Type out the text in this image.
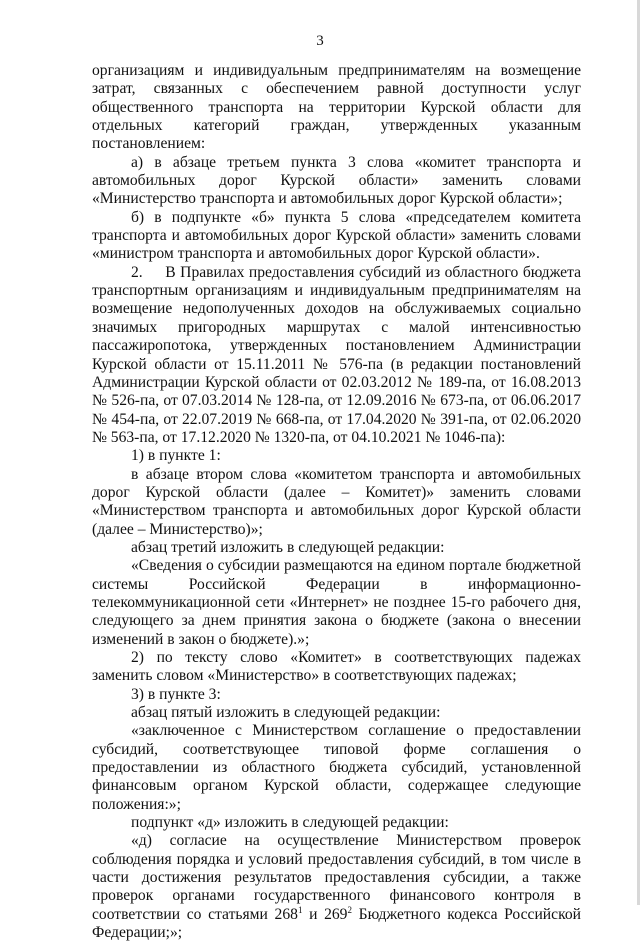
3

организациям и индивидуальным предпринимателям на возмещение затрат, связанных с обеспечением равной доступности услуг общественного транспорта на территории Курской области для отдельных категорий граждан, утвержденных указанным постановлением:

а) в абзаце третьем пункта 3 слова «комитет транспорта и автомобильных дорог Курской области» заменить словами «Министерство транспорта и автомобильных дорог Курской области»;

б) в подпункте «б» пункта 5 слова «председателем комитета транспорта и автомобильных дорог Курской области» заменить словами «министром транспорта и автомобильных дорог Курской области».

2.     В Правилах предоставления субсидий из областного бюджета транспортным организациям и индивидуальным предпринимателям на возмещение недополученных доходов на обслуживаемых социально значимых пригородных маршрутах с малой интенсивностью пассажиропотока, утвержденных постановлением Администрации Курской области от 15.11.2011 № 576-па (в редакции постановлений Администрации Курской области от 02.03.2012 № 189-па, от 16.08.2013 № 526-па, от 07.03.2014 № 128-па, от 12.09.2016 № 673-па, от 06.06.2017 № 454-па, от 22.07.2019 № 668-па, от 17.04.2020 № 391-па, от 02.06.2020 № 563-па, от 17.12.2020 № 1320-па, от 04.10.2021 № 1046-па):

1) в пункте 1:

в абзаце втором слова «комитетом транспорта и автомобильных дорог Курской области (далее – Комитет)» заменить словами «Министерством транспорта и автомобильных дорог Курской области (далее – Министерство)»;

абзац третий изложить в следующей редакции:

«Сведения о субсидии размещаются на едином портале бюджетной системы Российской Федерации в информационно-телекоммуникационной сети «Интернет» не позднее 15-го рабочего дня, следующего за днем принятия закона о бюджете (закона о внесении изменений в закон о бюджете).»;

2) по тексту слово «Комитет» в соответствующих падежах заменить словом «Министерство» в соответствующих падежах;

3) в пункте 3:

абзац пятый изложить в следующей редакции:

«заключенное с Министерством соглашение о предоставлении субсидий, соответствующее типовой форме соглашения о предоставлении из областного бюджета субсидий, установленной финансовым органом Курской области, содержащее следующие положения:»;

подпункт «д» изложить в следующей редакции:

«д) согласие на осуществление Министерством проверок соблюдения порядка и условий предоставления субсидий, в том числе в части достижения результатов предоставления субсидии, а также проверок органами государственного финансового контроля в соответствии со статьями $268^1$ и $269^2$ Бюджетного кодекса Российской Федерации;»;
